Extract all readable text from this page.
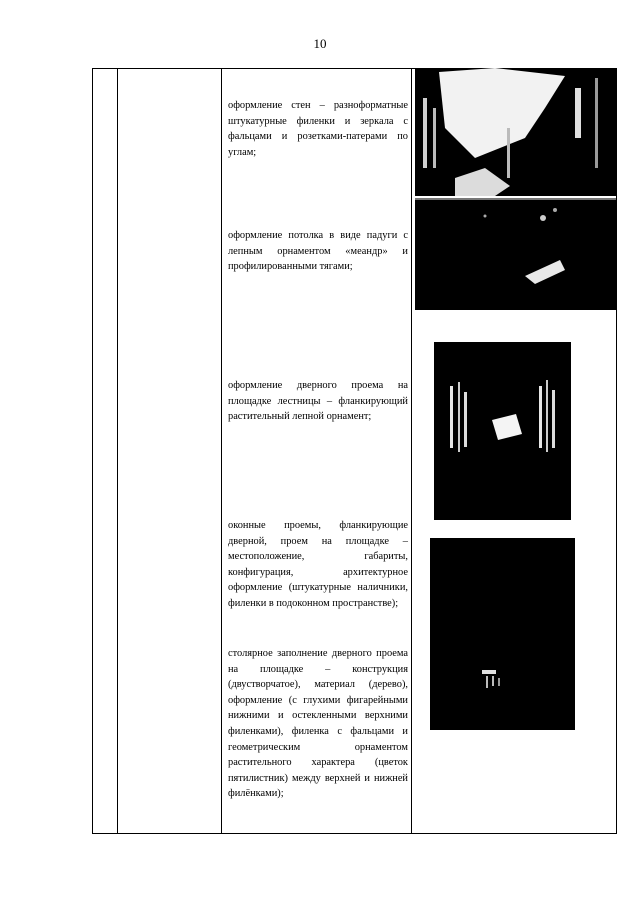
10
оформление стен – разноформатные штукатурные филенки и зеркала с фальцами и розетками-патерами по углам;
оформление потолка в виде падуги с лепным орнаментом «меандр» и профилированными тягами;
оформление дверного проема на площадке лестницы – фланкирующий растительный лепной орнамент;
оконные проемы, фланкирующие дверной, проем на площадке – местоположение, габариты, конфигурация, архитектурное оформление (штукатурные наличники, филенки в подоконном пространстве);
столярное заполнение дверного проема на площадке – конструкция (двустворчатое), материал (дерево), оформление (с глухими фигарейными нижними и остекленными верхними филенками), филенка с фальцами и геометрическим орнаментом растительного характера (цветок пятилистник) между верхней и нижней филёнками);
